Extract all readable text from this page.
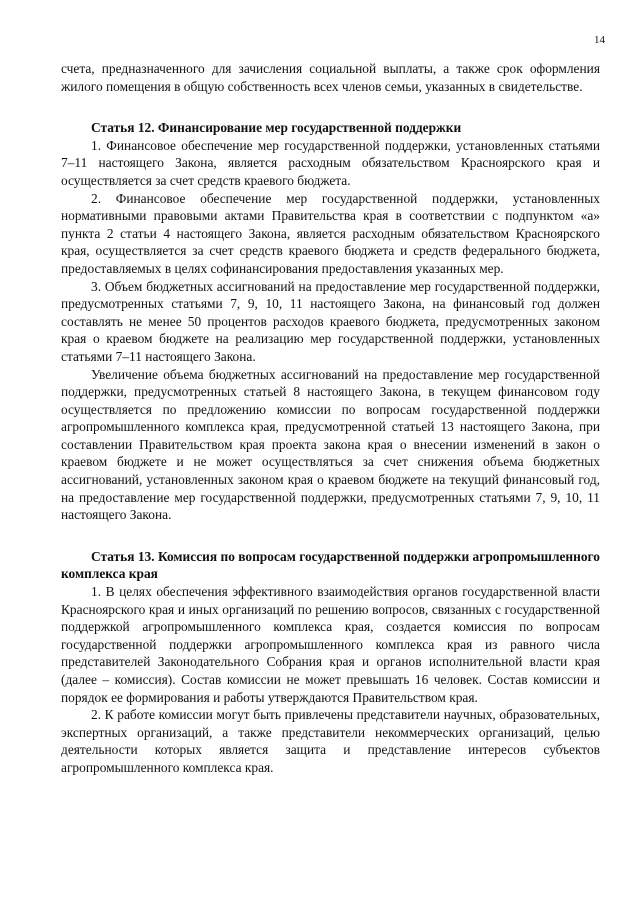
14

счета, предназначенного для зачисления социальной выплаты, а также срок оформления жилого помещения в общую собственность всех членов семьи, указанных в свидетельстве.

Статья 12. Финансирование мер государственной поддержки

1. Финансовое обеспечение мер государственной поддержки, установленных статьями 7–11 настоящего Закона, является расходным обязательством Красноярского края и осуществляется за счет средств краевого бюджета.

2. Финансовое обеспечение мер государственной поддержки, установленных нормативными правовыми актами Правительства края в соответствии с подпунктом «а» пункта 2 статьи 4 настоящего Закона, является расходным обязательством Красноярского края, осуществляется за счет средств краевого бюджета и средств федерального бюджета, предоставляемых в целях софинансирования предоставления указанных мер.

3. Объем бюджетных ассигнований на предоставление мер государственной поддержки, предусмотренных статьями 7, 9, 10, 11 настоящего Закона, на финансовый год должен составлять не менее 50 процентов расходов краевого бюджета, предусмотренных законом края о краевом бюджете на реализацию мер государственной поддержки, установленных статьями 7–11 настоящего Закона.

Увеличение объема бюджетных ассигнований на предоставление мер государственной поддержки, предусмотренных статьей 8 настоящего Закона, в текущем финансовом году осуществляется по предложению комиссии по вопросам государственной поддержки агропромышленного комплекса края, предусмотренной статьей 13 настоящего Закона, при составлении Правительством края проекта закона края о внесении изменений в закон о краевом бюджете и не может осуществляться за счет снижения объема бюджетных ассигнований, установленных законом края о краевом бюджете на текущий финансовый год, на предоставление мер государственной поддержки, предусмотренных статьями 7, 9, 10, 11 настоящего Закона.

Статья 13. Комиссия по вопросам государственной поддержки агропромышленного комплекса края

1. В целях обеспечения эффективного взаимодействия органов государственной власти Красноярского края и иных организаций по решению вопросов, связанных с государственной поддержкой агропромышленного комплекса края, создается комиссия по вопросам государственной поддержки агропромышленного комплекса края из равного числа представителей Законодательного Собрания края и органов исполнительной власти края (далее – комиссия). Состав комиссии не может превышать 16 человек. Состав комиссии и порядок ее формирования и работы утверждаются Правительством края.

2. К работе комиссии могут быть привлечены представители научных, образовательных, экспертных организаций, а также представители некоммерческих организаций, целью деятельности которых является защита и представление интересов субъектов агропромышленного комплекса края.
